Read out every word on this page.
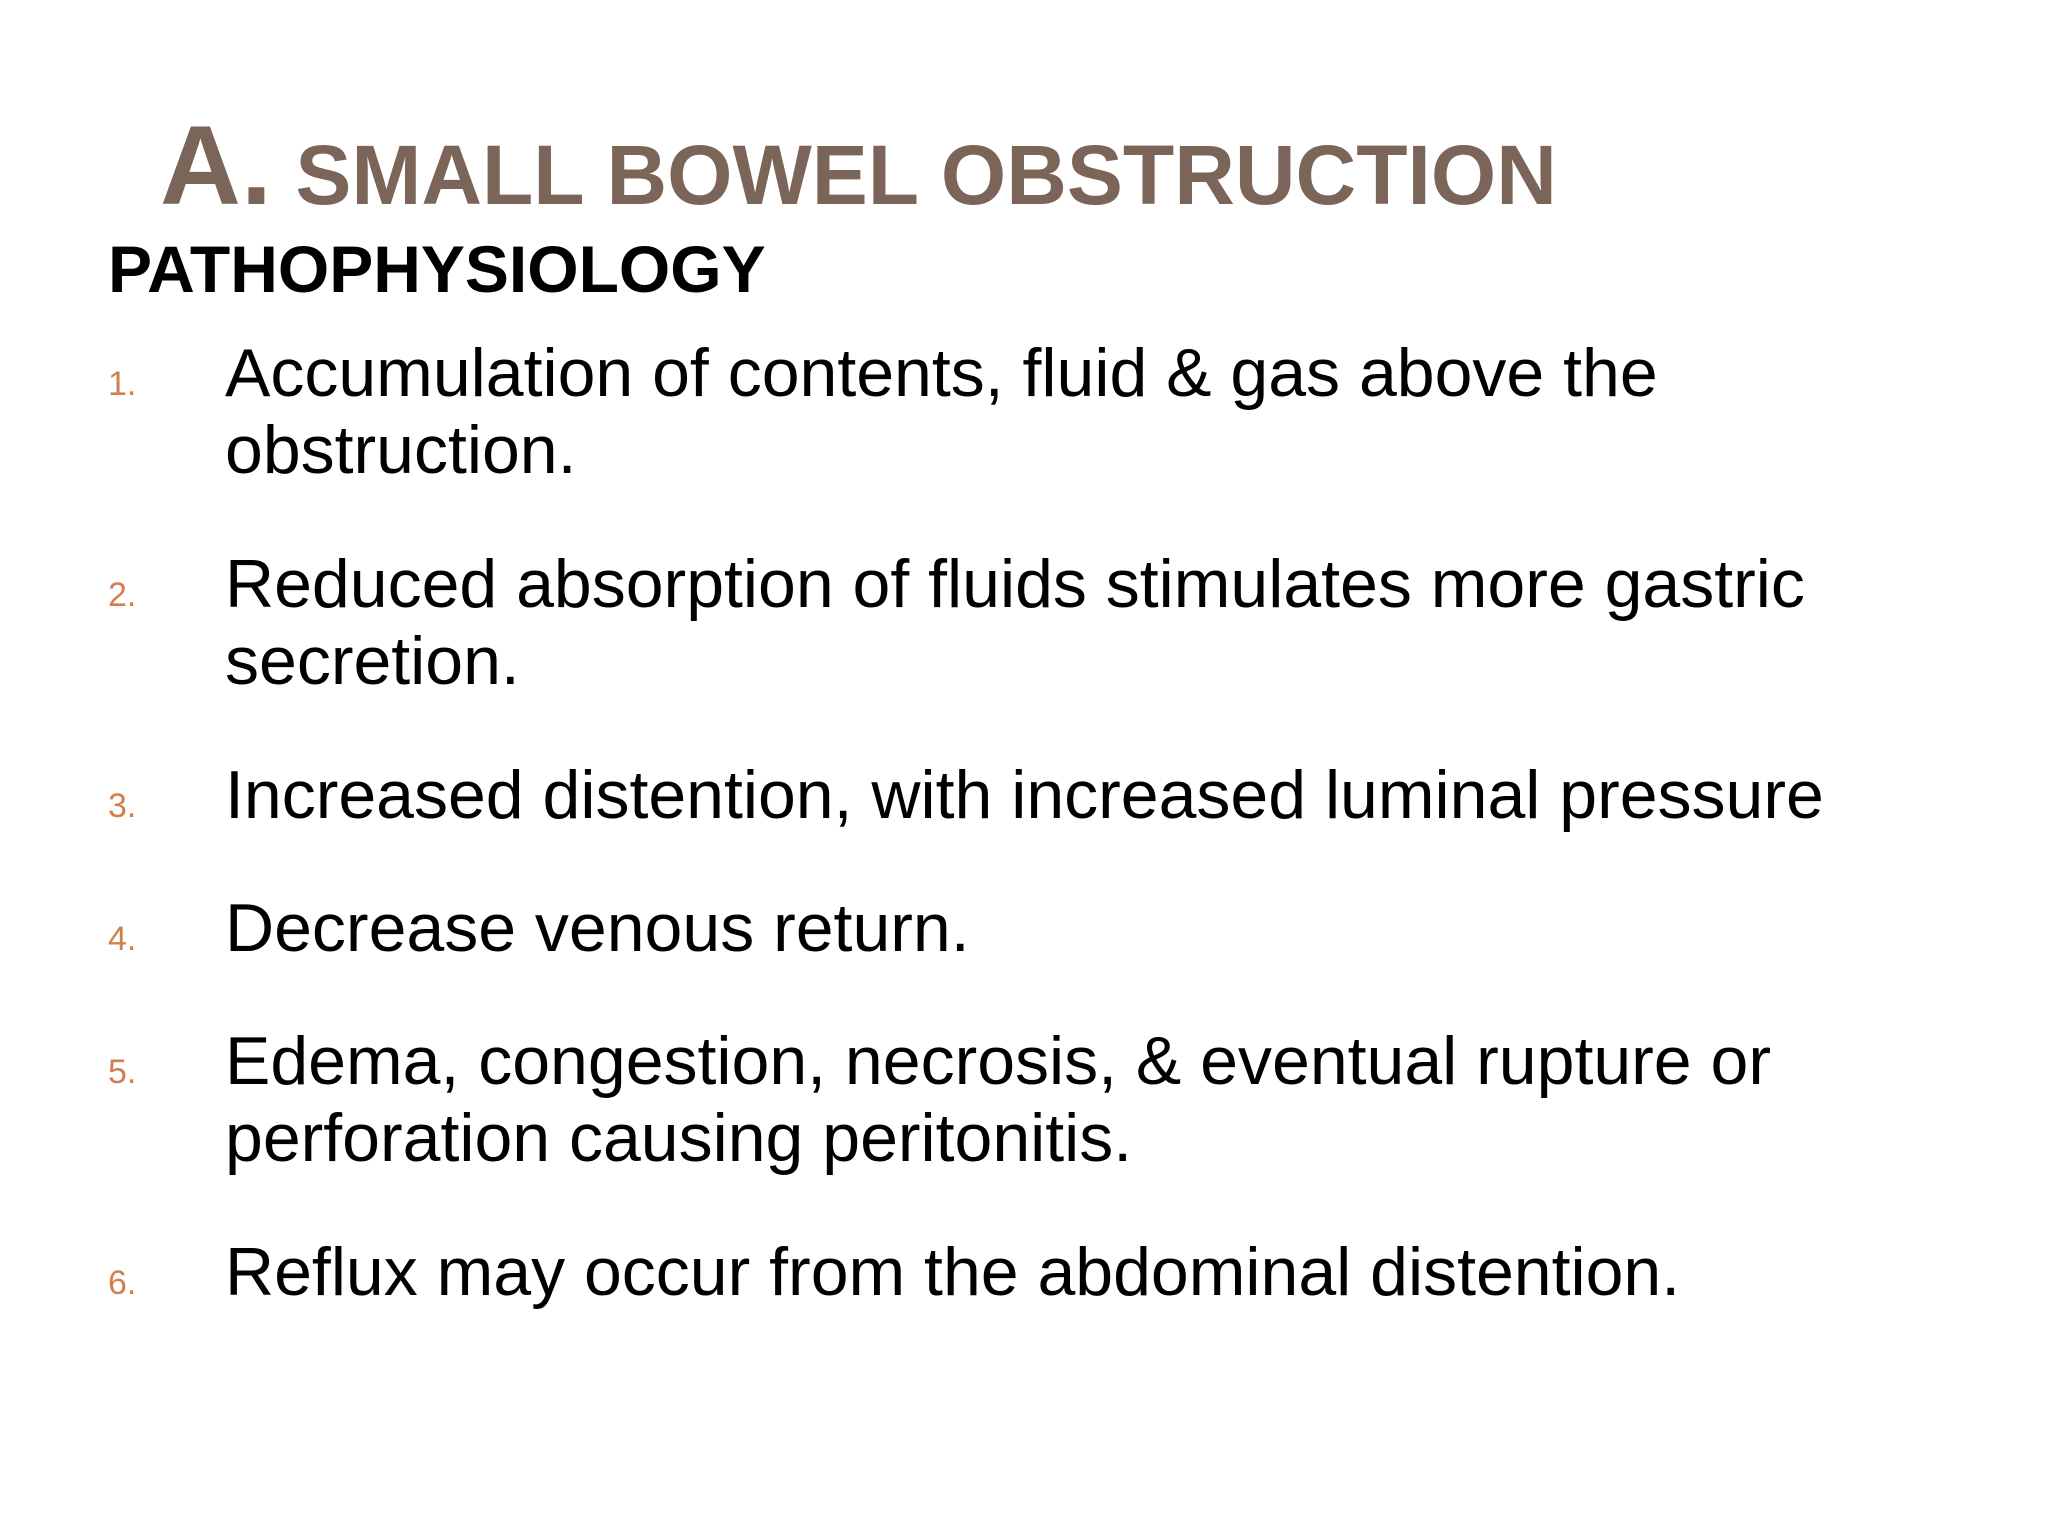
A. SMALL BOWEL OBSTRUCTION
PATHOPHYSIOLOGY
1. Accumulation of contents, fluid & gas above the
obstruction.
2. Reduced absorption of fluids stimulates more gastric
secretion.
3. Increased distention, with increased luminal pressure
4. Decrease venous return.
5. Edema, congestion, necrosis, & eventual rupture or
perforation causing peritonitis.
6. Reflux may occur from the abdominal distention.
